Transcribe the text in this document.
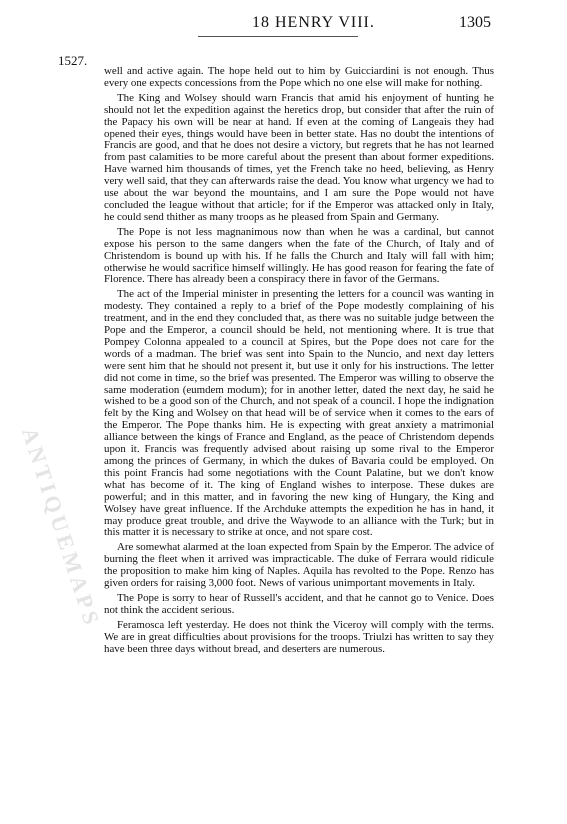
18 HENRY VIII.	1305
1527.
ANTIQUEMAPS

well and active again. The hope held out to him by Guicciardini is not enough. Thus every one expects concessions from the Pope which no one else will make for nothing.

The King and Wolsey should warn Francis that amid his enjoyment of hunting he should not let the expedition against the heretics drop, but consider that after the ruin of the Papacy his own will be near at hand. If even at the coming of Langeais they had opened their eyes, things would have been in better state. Has no doubt the intentions of Francis are good, and that he does not desire a victory, but regrets that he has not learned from past calamities to be more careful about the present than about former expeditions. Have warned him thousands of times, yet the French take no heed, believing, as Henry very well said, that they can afterwards raise the dead. You know what urgency we had to use about the war beyond the mountains, and I am sure the Pope would not have concluded the league without that article; for if the Emperor was attacked only in Italy, he could send thither as many troops as he pleased from Spain and Germany.

The Pope is not less magnanimous now than when he was a cardinal, but cannot expose his person to the same dangers when the fate of the Church, of Italy and of Christendom is bound up with his. If he falls the Church and Italy will fall with him; otherwise he would sacrifice himself willingly. He has good reason for fearing the fate of Florence. There has already been a conspiracy there in favor of the Germans.

The act of the Imperial minister in presenting the letters for a council was wanting in modesty. They contained a reply to a brief of the Pope modestly complaining of his treatment, and in the end they concluded that, as there was no suitable judge between the Pope and the Emperor, a council should be held, not mentioning where. It is true that Pompey Colonna appealed to a council at Spires, but the Pope does not care for the words of a madman. The brief was sent into Spain to the Nuncio, and next day letters were sent him that he should not present it, but use it only for his instructions. The letter did not come in time, so the brief was presented. The Emperor was willing to observe the same moderation (eumdem modum); for in another letter, dated the next day, he said he wished to be a good son of the Church, and not speak of a council. I hope the indignation felt by the King and Wolsey on that head will be of service when it comes to the ears of the Emperor. The Pope thanks him. He is expecting with great anxiety a matrimonial alliance between the kings of France and England, as the peace of Christendom depends upon it. Francis was frequently advised about raising up some rival to the Emperor among the princes of Germany, in which the dukes of Bavaria could be employed. On this point Francis had some negotiations with the Count Palatine, but we don't know what has become of it. The king of England wishes to interpose. These dukes are powerful; and in this matter, and in favoring the new king of Hungary, the King and Wolsey have great influence. If the Archduke attempts the expedition he has in hand, it may produce great trouble, and drive the Waywode to an alliance with the Turk; but in this matter it is necessary to strike at once, and not spare cost.

Are somewhat alarmed at the loan expected from Spain by the Emperor. The advice of burning the fleet when it arrived was impracticable. The duke of Ferrara would ridicule the proposition to make him king of Naples. Aquila has revolted to the Pope. Renzo has given orders for raising 3,000 foot. News of various unimportant movements in Italy.

The Pope is sorry to hear of Russell's accident, and that he cannot go to Venice. Does not think the accident serious.

Feramosca left yesterday. He does not think the Viceroy will comply with the terms. We are in great difficulties about provisions for the troops. Triulzi has written to say they have been three days without bread, and deserters are numerous.
